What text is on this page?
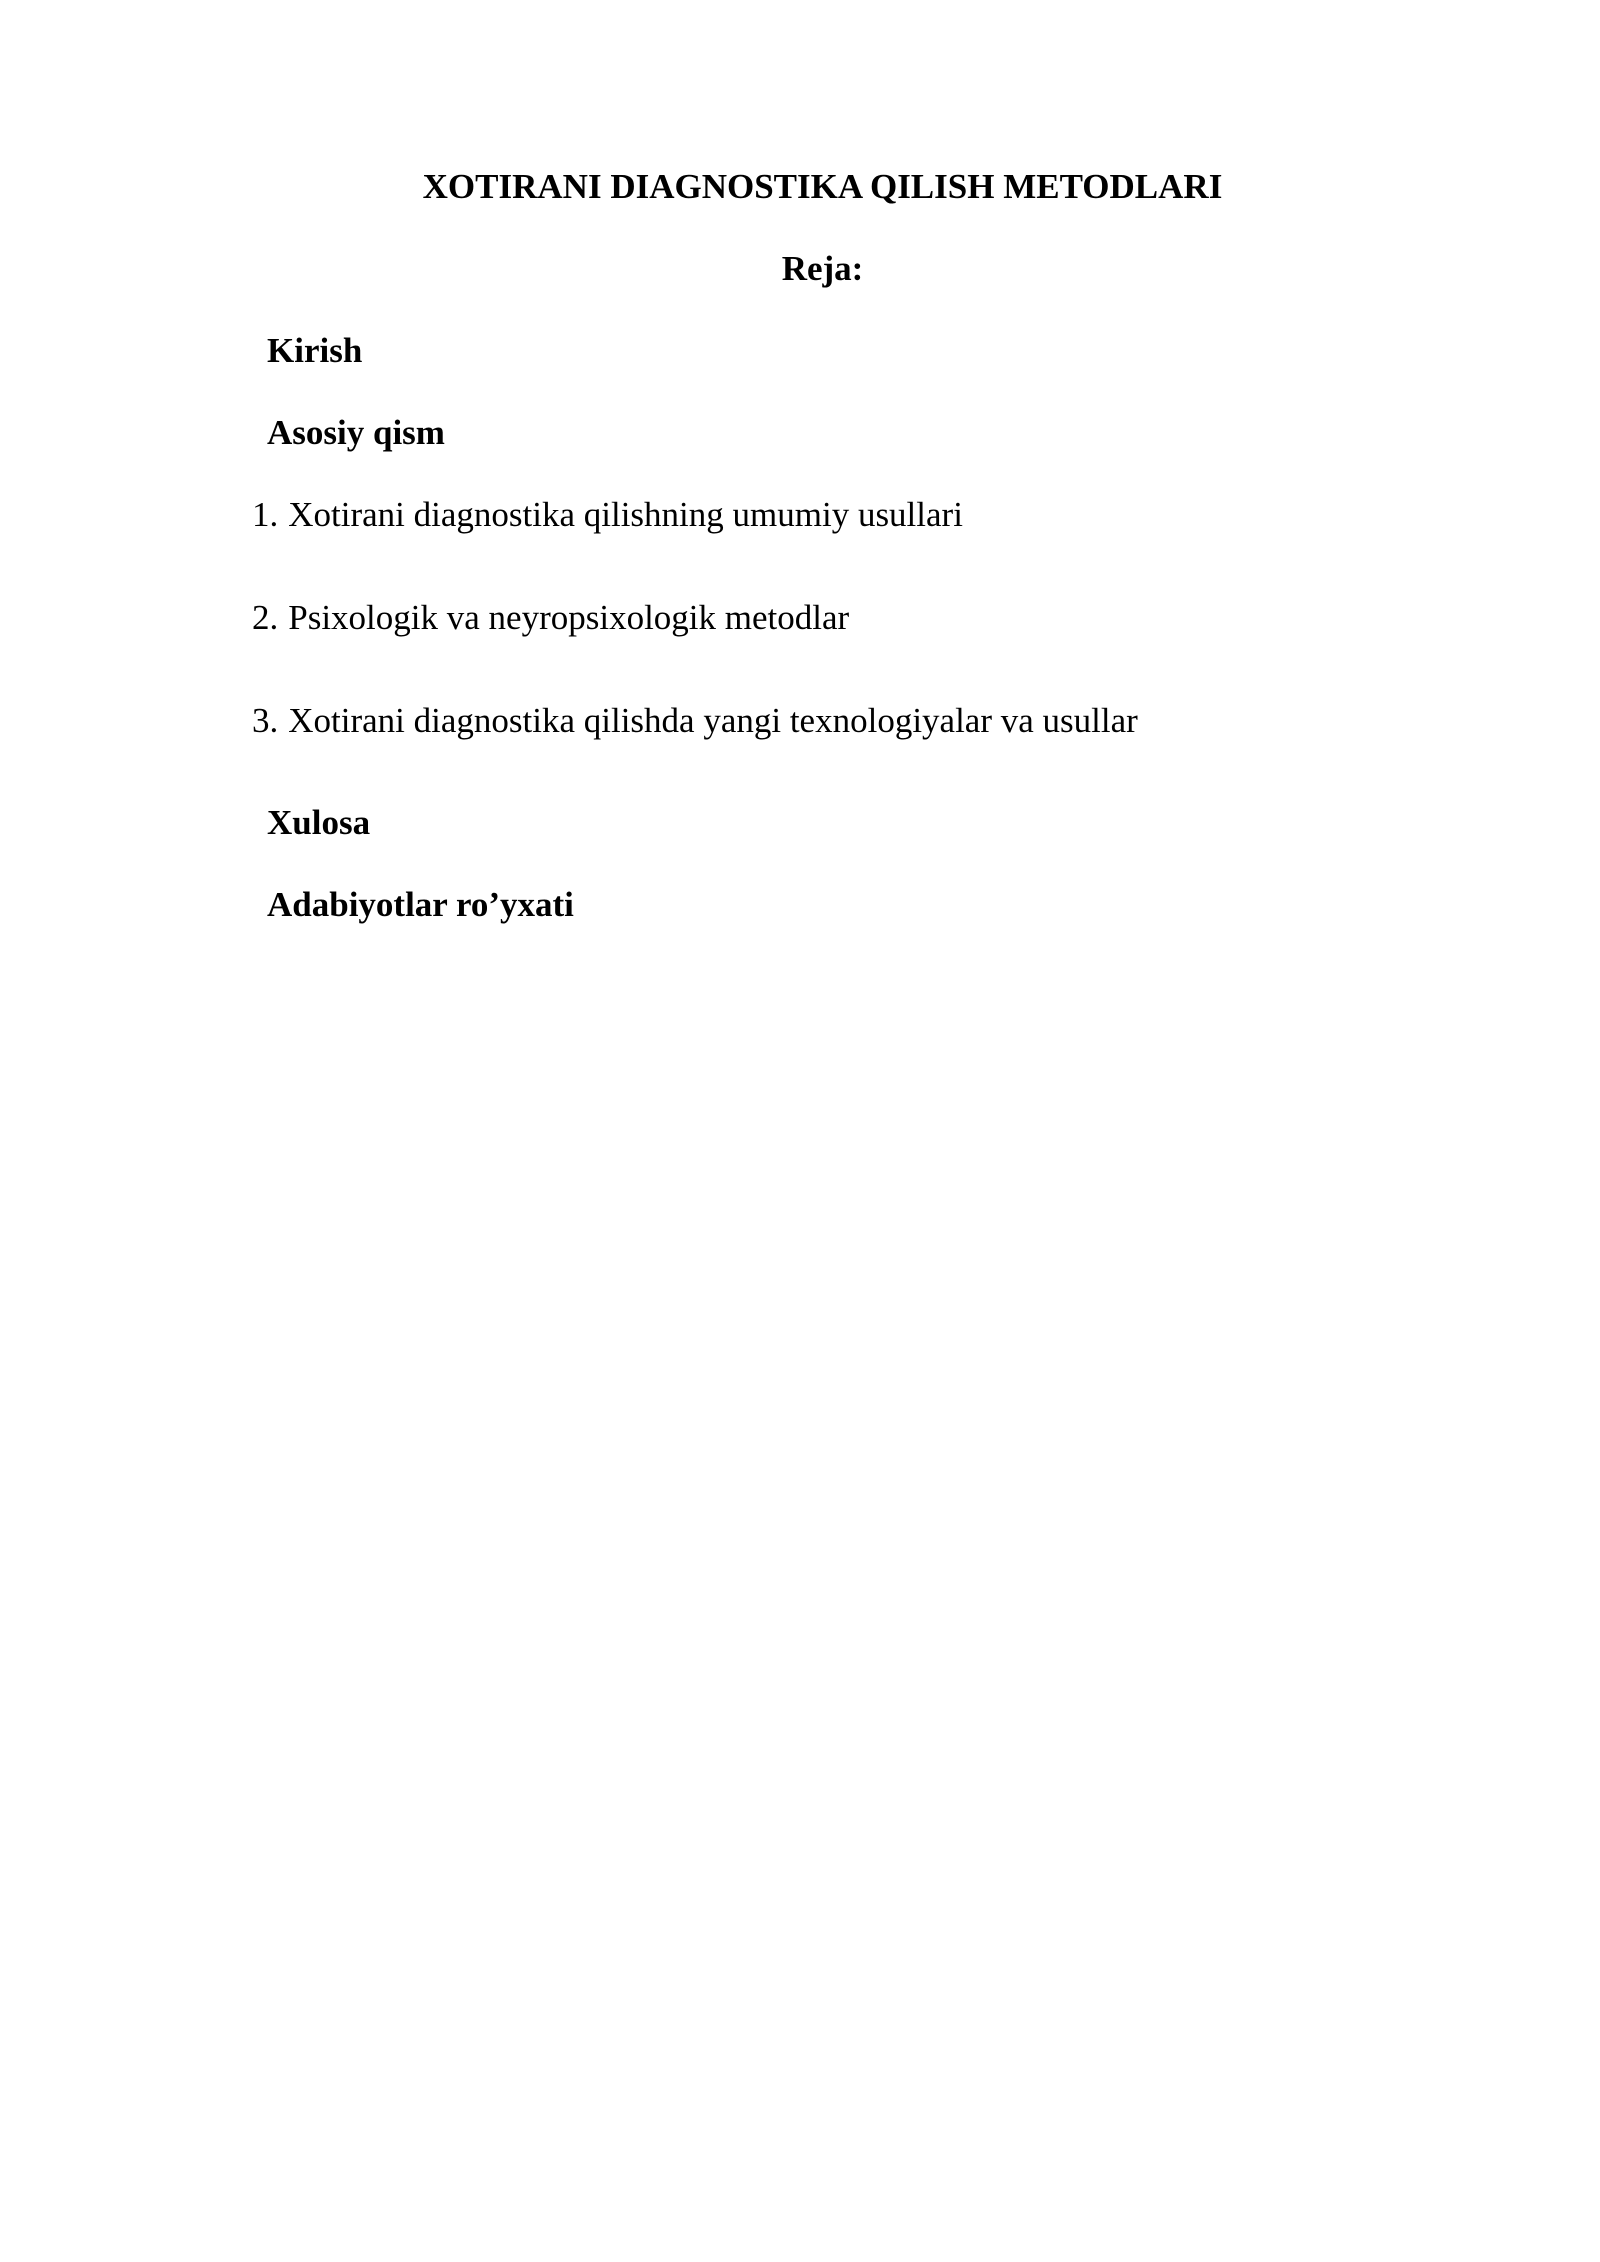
XOTIRANI DIAGNOSTIKA QILISH METODLARI
Reja:
Kirish
Asosiy qism
1. Xotirani diagnostika qilishning umumiy usullari
2. Psixologik va neyropsixologik metodlar
3. Xotirani diagnostika qilishda yangi texnologiyalar va usullar
Xulosa
Adabiyotlar ro’yxati
